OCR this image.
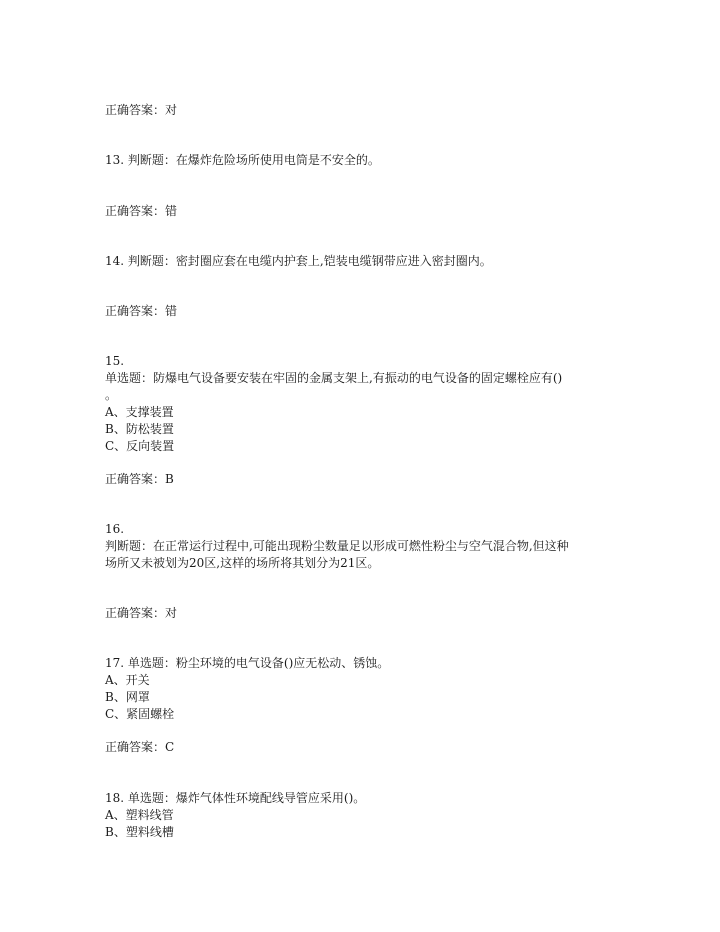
正确答案：对
13. 判断题：在爆炸危险场所使用电筒是不安全的。
正确答案：错
14. 判断题：密封圈应套在电缆内护套上,铠装电缆钢带应进入密封圈内。
正确答案：错
15.
单选题：防爆电气设备要安装在牢固的金属支架上,有振动的电气设备的固定螺栓应有()
。
A、支撑装置
B、防松装置
C、反向装置
正确答案：B
16.
判断题：在正常运行过程中,可能出现粉尘数量足以形成可燃性粉尘与空气混合物,但这种
场所又未被划为20区,这样的场所将其划分为21区。
正确答案：对
17. 单选题：粉尘环境的电气设备()应无松动、锈蚀。
A、开关
B、网罩
C、紧固螺栓
正确答案：C
18. 单选题：爆炸气体性环境配线导管应采用()。
A、塑料线管
B、塑料线槽
